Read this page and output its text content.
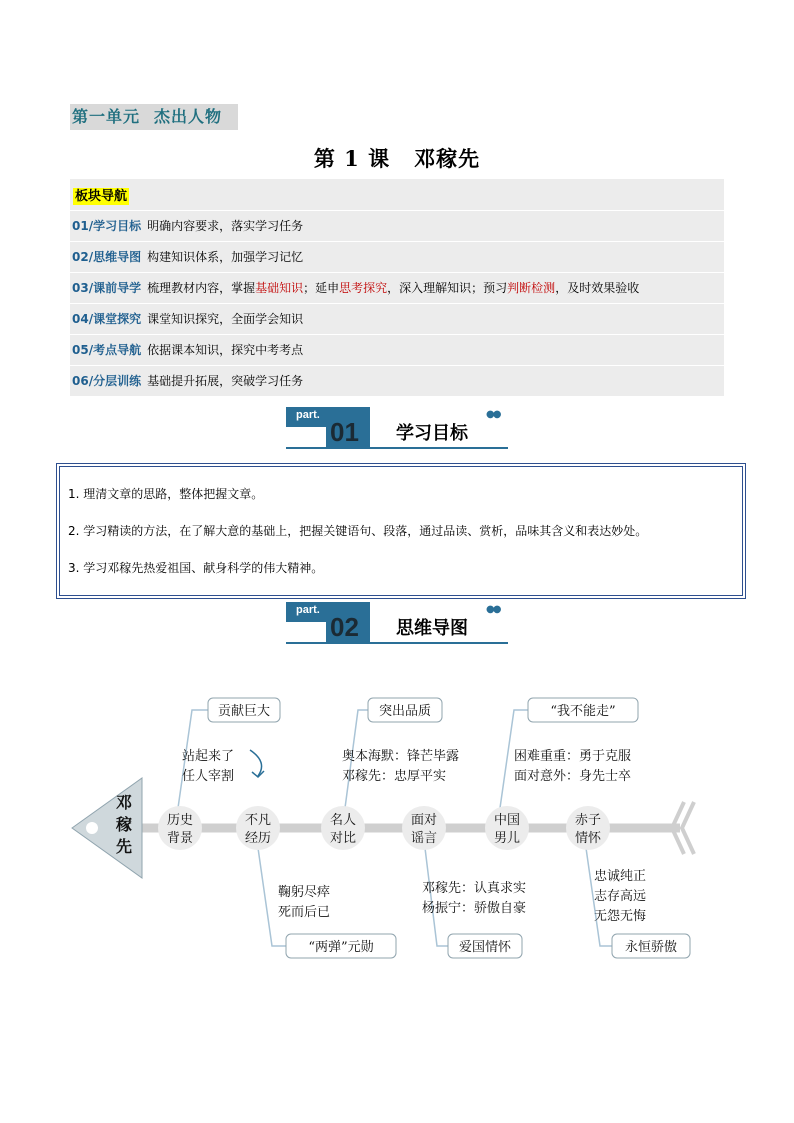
第一单元 杰出人物
第 1 课 邓稼先
板块导航
01/学习目标 明确内容要求，落实学习任务
02/思维导图 构建知识体系，加强学习记忆
03/课前导学 梳理教材内容，掌握基础知识；延申思考探究，深入理解知识；预习判断检测，及时效果验收
04/课堂探究 课堂知识探究，全面学会知识
05/考点导航 依据课本知识，探究中考考点
06/分层训练 基础提升拓展，突破学习任务
part.
01 学习目标
●●
1. 理清文章的思路，整体把握文章。
2. 学习精读的方法，在了解大意的基础上，把握关键语句、段落，通过品读、赏析，品味其含义和表达妙处。
3. 学习邓稼先热爱祖国、献身科学的伟大精神。
part.
02 思维导图
●●
邓
稼
先
历史
背景
不凡
经历
名人
对比
面对
谣言
中国
男儿
赤子
情怀
贡献巨大	突出品质	“我不能走”
“两弹”元勋	爱国情怀	永恒骄傲
站起来了
任人宰割
奥本海默：锋芒毕露
邓稼先：忠厚平实
困难重重：勇于克服
面对意外：身先士卒
鞠躬尽瘁
死而后已
邓稼先：认真求实
杨振宁：骄傲自豪
忠诚纯正
志存高远
无怨无悔
